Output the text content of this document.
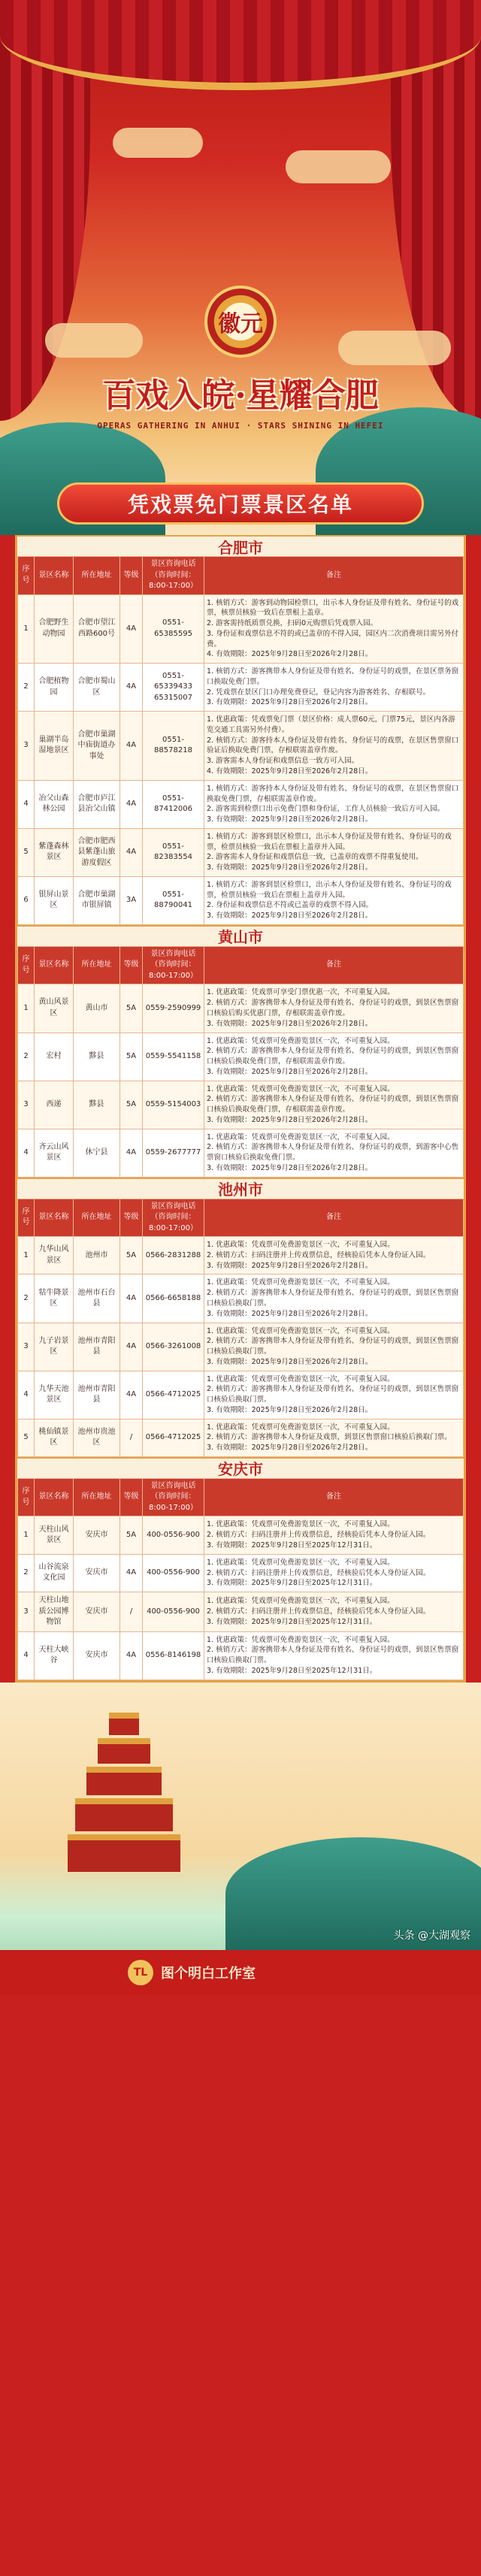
徽元
百戏入皖·星耀合肥
OPERAS GATHERING IN ANHUI · STARS SHINING IN HEFEI
凭戏票免门票景区名单
合肥市
序号	景区名称	所在地址	等级	景区咨询电话（咨询时间：8:00-17:00）	备注
1	合肥野生动物园	合肥市望江西路600号	4A	0551-65385595	1. 核销方式：游客到动物园检票口，出示本人身份证及带有姓名、身份证号的戏票，核票员核验一致后在票根上盖章。
2. 游客需持纸质票兑换，扫码0元购票后凭戏票入园。
3. 身份证和戏票信息不符的或已盖章的不得入园，园区内二次消费项目需另外付费。
4. 有效期限：2025年9月28日至2026年2月28日。
2	合肥植物园	合肥市蜀山区	4A	0551-65339433 65315007	1. 核销方式：游客携带本人身份证及带有姓名、身份证号的戏票，在景区票务窗口换取免费门票。
2. 凭戏票在景区门口办理免费登记，登记内容为游客姓名、存根联号。
3. 有效期限：2025年9月28日至2026年2月28日。
3	巢湖半岛湿地景区	合肥市巢湖中庙街道办事处	4A	0551-88578218	1. 优惠政策：凭戏票免门票（景区价格：成人票60元，门票75元，景区内各游览交通工具需另外付费）。
2. 核销方式：游客持本人身份证及带有姓名、身份证号的戏票，在景区售票窗口验证后换取免费门票，存根联需盖章作废。
3. 游客需本人身份证和戏票信息一致方可入园。
4. 有效期限：2025年9月28日至2026年2月28日。
4	冶父山森林公园	合肥市庐江县冶父山镇	4A	0551-87412006	1. 核销方式：游客持本人身份证及带有姓名、身份证号的戏票，在景区售票窗口换取免费门票，存根联需盖章作废。
2. 游客需到检票口出示免费门票和身份证，工作人员核验一致后方可入园。
3. 有效期限：2025年9月28日至2026年2月28日。
5	紫蓬森林景区	合肥市肥西县紫蓬山旅游度假区	4A	0551-82383554	1. 核销方式：游客到景区检票口，出示本人身份证及带有姓名、身份证号的戏票，检票员核验一致后在票根上盖章并入园。
2. 游客需本人身份证和戏票信息一致，已盖章的戏票不得重复使用。
3. 有效期限：2025年9月28日至2026年2月28日。
6	银屏山景区	合肥市巢湖市银屏镇	3A	0551-88790041	1. 核销方式：游客到景区检票口，出示本人身份证及带有姓名、身份证号的戏票，检票员核验一致后在票根上盖章并入园。
2. 身份证和戏票信息不符或已盖章的戏票不得入园。
3. 有效期限：2025年9月28日至2026年2月28日。
黄山市
序号	景区名称	所在地址	等级	景区咨询电话（咨询时间：8:00-17:00）	备注
1	黄山风景区	黄山市	5A	0559-2590999	1. 优惠政策：凭戏票可享受门票优惠一次，不可重复入园。
2. 核销方式：游客携带本人身份证及带有姓名、身份证号的戏票，到景区售票窗口核验后购买优惠门票，存根联需盖章作废。
3. 有效期限：2025年9月28日至2026年2月28日。
2	宏村	黟县	5A	0559-5541158	1. 优惠政策：凭戏票可免费游览景区一次，不可重复入园。
2. 核销方式：游客携带本人身份证及带有姓名、身份证号的戏票，到景区售票窗口核验后换取免费门票，存根联需盖章作废。
3. 有效期限：2025年9月28日至2026年2月28日。
3	西递	黟县	5A	0559-5154003	1. 优惠政策：凭戏票可免费游览景区一次，不可重复入园。
2. 核销方式：游客携带本人身份证及带有姓名、身份证号的戏票，到景区售票窗口核验后换取免费门票，存根联需盖章作废。
3. 有效期限：2025年9月28日至2026年2月28日。
4	齐云山风景区	休宁县	4A	0559-2677777	1. 优惠政策：凭戏票可免费游览景区一次，不可重复入园。
2. 核销方式：游客携带本人身份证及带有姓名、身份证号的戏票，到游客中心售票窗口核验后换取免费门票。
3. 有效期限：2025年9月28日至2026年2月28日。
池州市
序号	景区名称	所在地址	等级	景区咨询电话（咨询时间：8:00-17:00）	备注
1	九华山风景区	池州市	5A	0566-2831288	1. 优惠政策：凭戏票可免费游览景区一次，不可重复入园。
2. 核销方式：扫码注册并上传戏票信息，经核验后凭本人身份证入园。
3. 有效期限：2025年9月28日至2026年2月28日。
2	牯牛降景区	池州市石台县	4A	0566-6658188	1. 优惠政策：凭戏票可免费游览景区一次，不可重复入园。
2. 核销方式：游客携带本人身份证及带有姓名、身份证号的戏票，到景区售票窗口核验后换取门票。
3. 有效期限：2025年9月28日至2026年2月28日。
3	九子岩景区	池州市青阳县	4A	0566-3261008	1. 优惠政策：凭戏票可免费游览景区一次，不可重复入园。
2. 核销方式：游客携带本人身份证及带有姓名、身份证号的戏票，到景区售票窗口核验后换取门票。
3. 有效期限：2025年9月28日至2026年2月28日。
4	九华天池景区	池州市青阳县	4A	0566-4712025	1. 优惠政策：凭戏票可免费游览景区一次，不可重复入园。
2. 核销方式：游客携带本人身份证及带有姓名、身份证号的戏票，到景区售票窗口核验后换取门票。
3. 有效期限：2025年9月28日至2026年2月28日。
5	桃仙镇景区	池州市贵池区	/	0566-4712025	1. 优惠政策：凭戏票可免费游览景区一次，不可重复入园。
2. 核销方式：游客携带本人身份证及戏票，到景区售票窗口核验后换取门票。
3. 有效期限：2025年9月28日至2026年2月28日。
安庆市
序号	景区名称	所在地址	等级	景区咨询电话（咨询时间：8:00-17:00）	备注
1	天柱山风景区	安庆市	5A	400-0556-900	1. 优惠政策：凭戏票可免费游览景区一次，不可重复入园。
2. 核销方式：扫码注册并上传戏票信息，经核验后凭本人身份证入园。
3. 有效期限：2025年9月28日至2025年12月31日。
2	山谷流泉文化园	安庆市	4A	400-0556-900	1. 优惠政策：凭戏票可免费游览景区一次，不可重复入园。
2. 核销方式：扫码注册并上传戏票信息，经核验后凭本人身份证入园。
3. 有效期限：2025年9月28日至2025年12月31日。
3	天柱山地质公园博物馆	安庆市	/	400-0556-900	1. 优惠政策：凭戏票可免费游览景区一次，不可重复入园。
2. 核销方式：扫码注册并上传戏票信息，经核验后凭本人身份证入园。
3. 有效期限：2025年9月28日至2025年12月31日。
4	天柱大峡谷	安庆市	4A	0556-8146198	1. 优惠政策：凭戏票可免费游览景区一次，不可重复入园。
2. 核销方式：游客携带本人身份证及带有姓名、身份证号的戏票，到景区售票窗口核验后换取门票。
3. 有效期限：2025年9月28日至2025年12月31日。
头条 @大湖观察
TL 图个明白工作室
